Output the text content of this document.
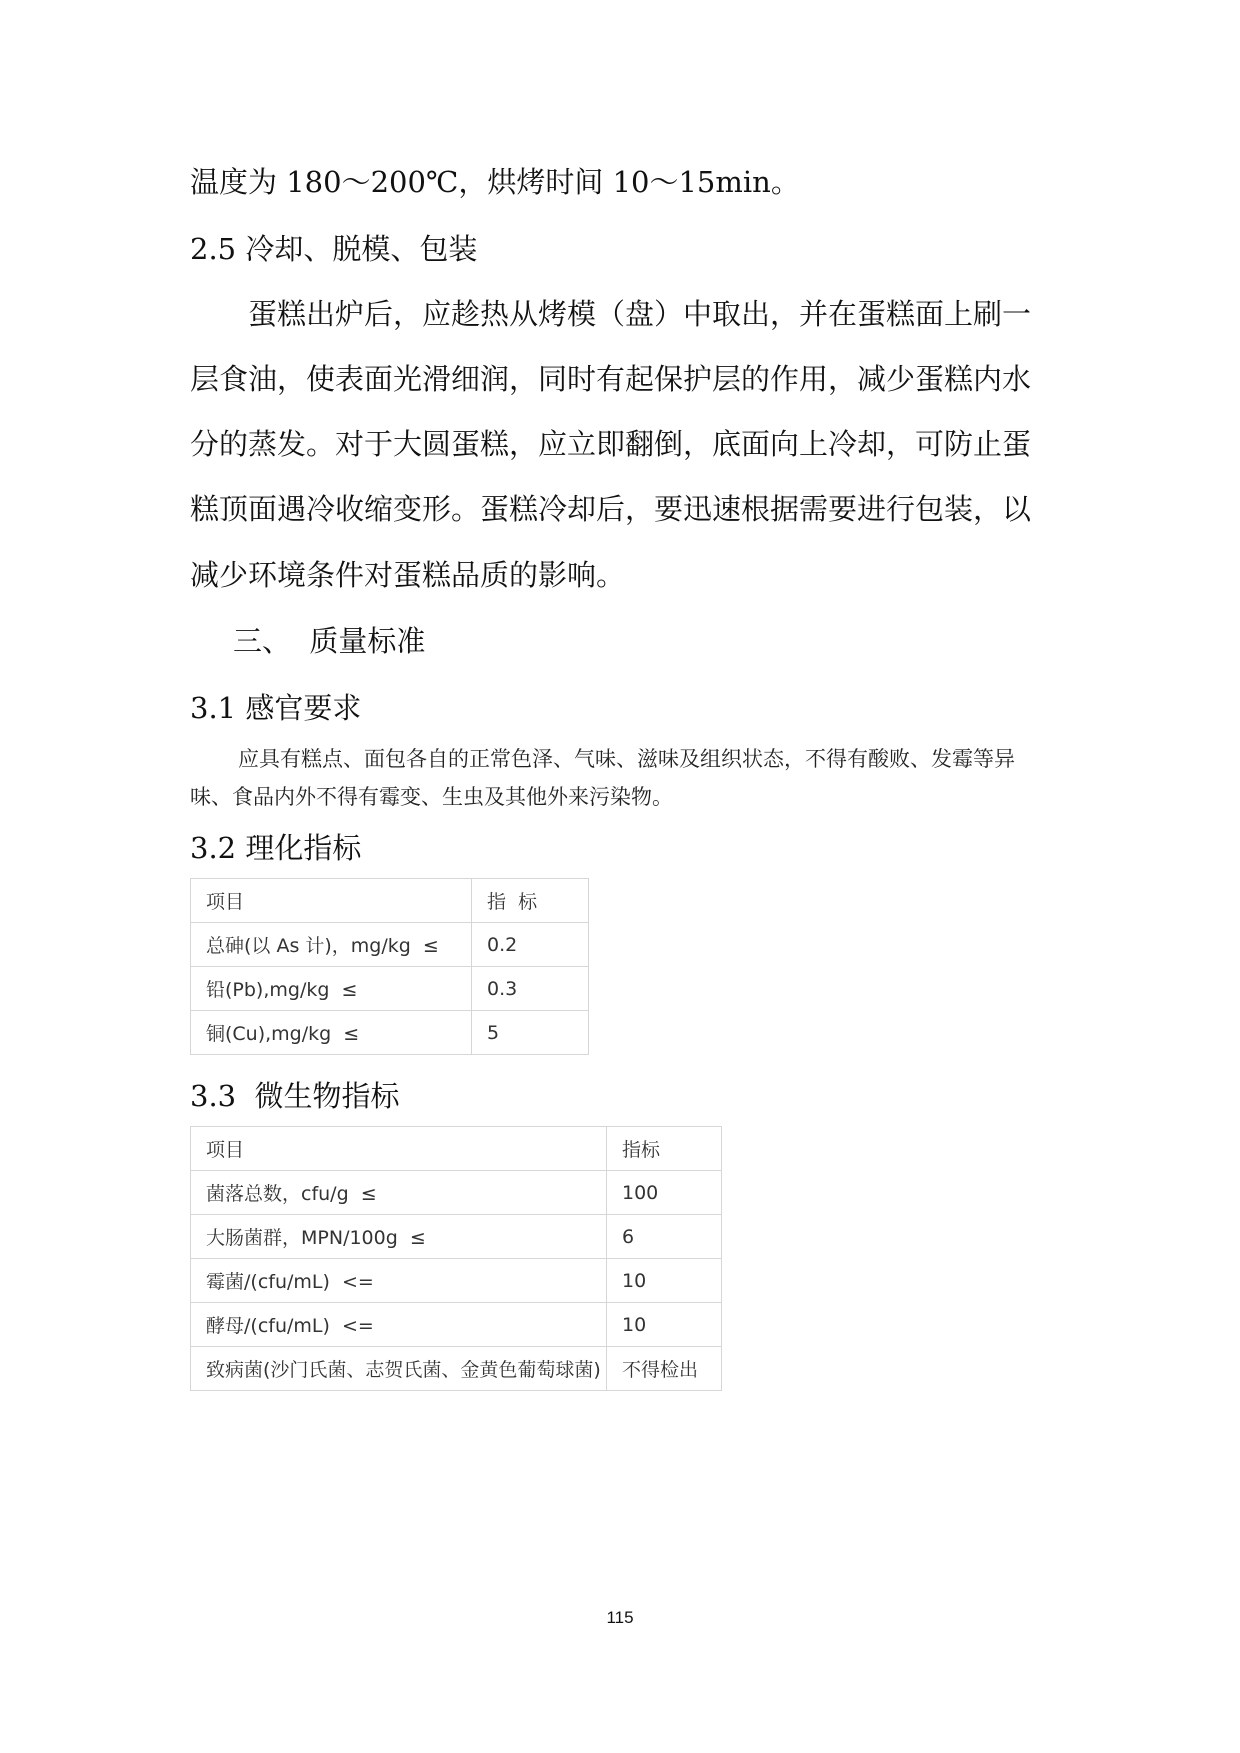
温度为 180～200℃，烘烤时间 10～15min。
2.5 冷却、脱模、包装
蛋糕出炉后，应趁热从烤模（盘）中取出，并在蛋糕面上刷一
层食油，使表面光滑细润，同时有起保护层的作用，减少蛋糕内水
分的蒸发。对于大圆蛋糕，应立即翻倒，底面向上冷却，可防止蛋
糕顶面遇冷收缩变形。蛋糕冷却后，要迅速根据需要进行包装，以
减少环境条件对蛋糕品质的影响。
三、  质量标准
3.1 感官要求
应具有糕点、面包各自的正常色泽、气味、滋味及组织状态，不得有酸败、发霉等异
味、食品内外不得有霉变、生虫及其他外来污染物。
3.2 理化指标
项目	指  标
总砷(以 As 计)，mg/kg  ≤	0.2
铅(Pb),mg/kg  ≤	0.3
铜(Cu),mg/kg  ≤	5
3.3  微生物指标
项目	指标
菌落总数，cfu/g  ≤	100
大肠菌群，MPN/100g  ≤	6
霉菌/(cfu/mL)  <=	10
酵母/(cfu/mL)  <=	10
致病菌(沙门氏菌、志贺氏菌、金黄色葡萄球菌)	不得检出
115
